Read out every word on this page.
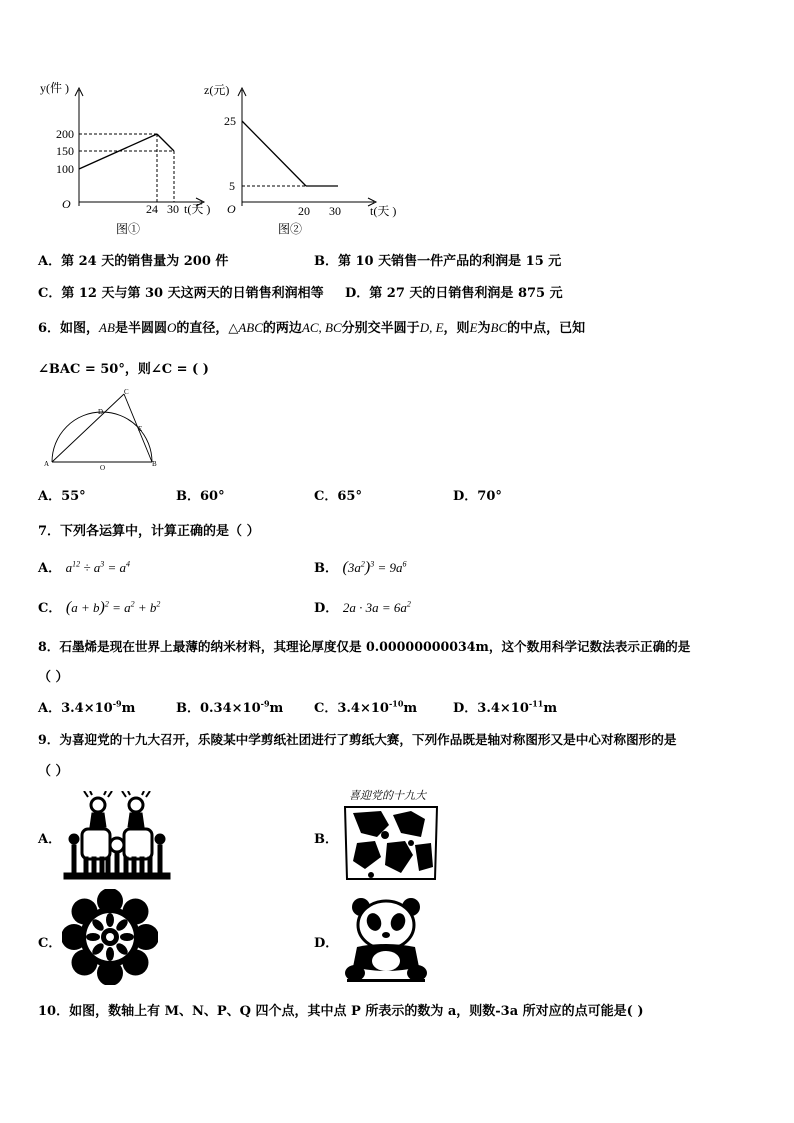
y(件 )
200
150
100
O	24 30 t(天 )
图①
z(元)
25
5
O	20 30 t(天 )
图②
A．第 24 天的销售量为 200 件	B．第 10 天销售一件产品的利润是 15 元
C．第 12 天与第 30 天这两天的日销售利润相等 D．第 27 天的日销售利润是 875 元
6．如图，AB是半圆圆O的直径，△ABC的两边AC, BC分别交半圆于D, E，则E为BC的中点，已知
∠BAC = 50°，则∠C = ( )
C
D
E
A	O	B
A．55°	B．60°	C．65°	D．70°
7．下列各运算中，计算正确的是（ ）
A． $a^{12} \div a^3 = a^4$	B． $(3a^2)^3 = 9a^6$
C． $(a + b)^2 = a^2 + b^2$	D． $2a \cdot 3a = 6a^2$
8．石墨烯是现在世界上最薄的纳米材料，其理论厚度仅是 0.00000000034m，这个数用科学记数法表示正确的是
（ ）
A．$3.4\times 10^{-9}m$	B．$0.34\times 10^{-9}m$ C．$3.4\times 10^{-10}m$	D．$3.4\times 10^{-11}m$
9．为喜迎党的十九大召开，乐陵某中学剪纸社团进行了剪纸大赛，下列作品既是轴对称图形又是中心对称图形的是
（ ）
A．	B．
喜迎党的十九大
C．	D．
10．如图，数轴上有 M、N、P、Q 四个点，其中点 P 所表示的数为 a，则数-3a 所对应的点可能是( )
